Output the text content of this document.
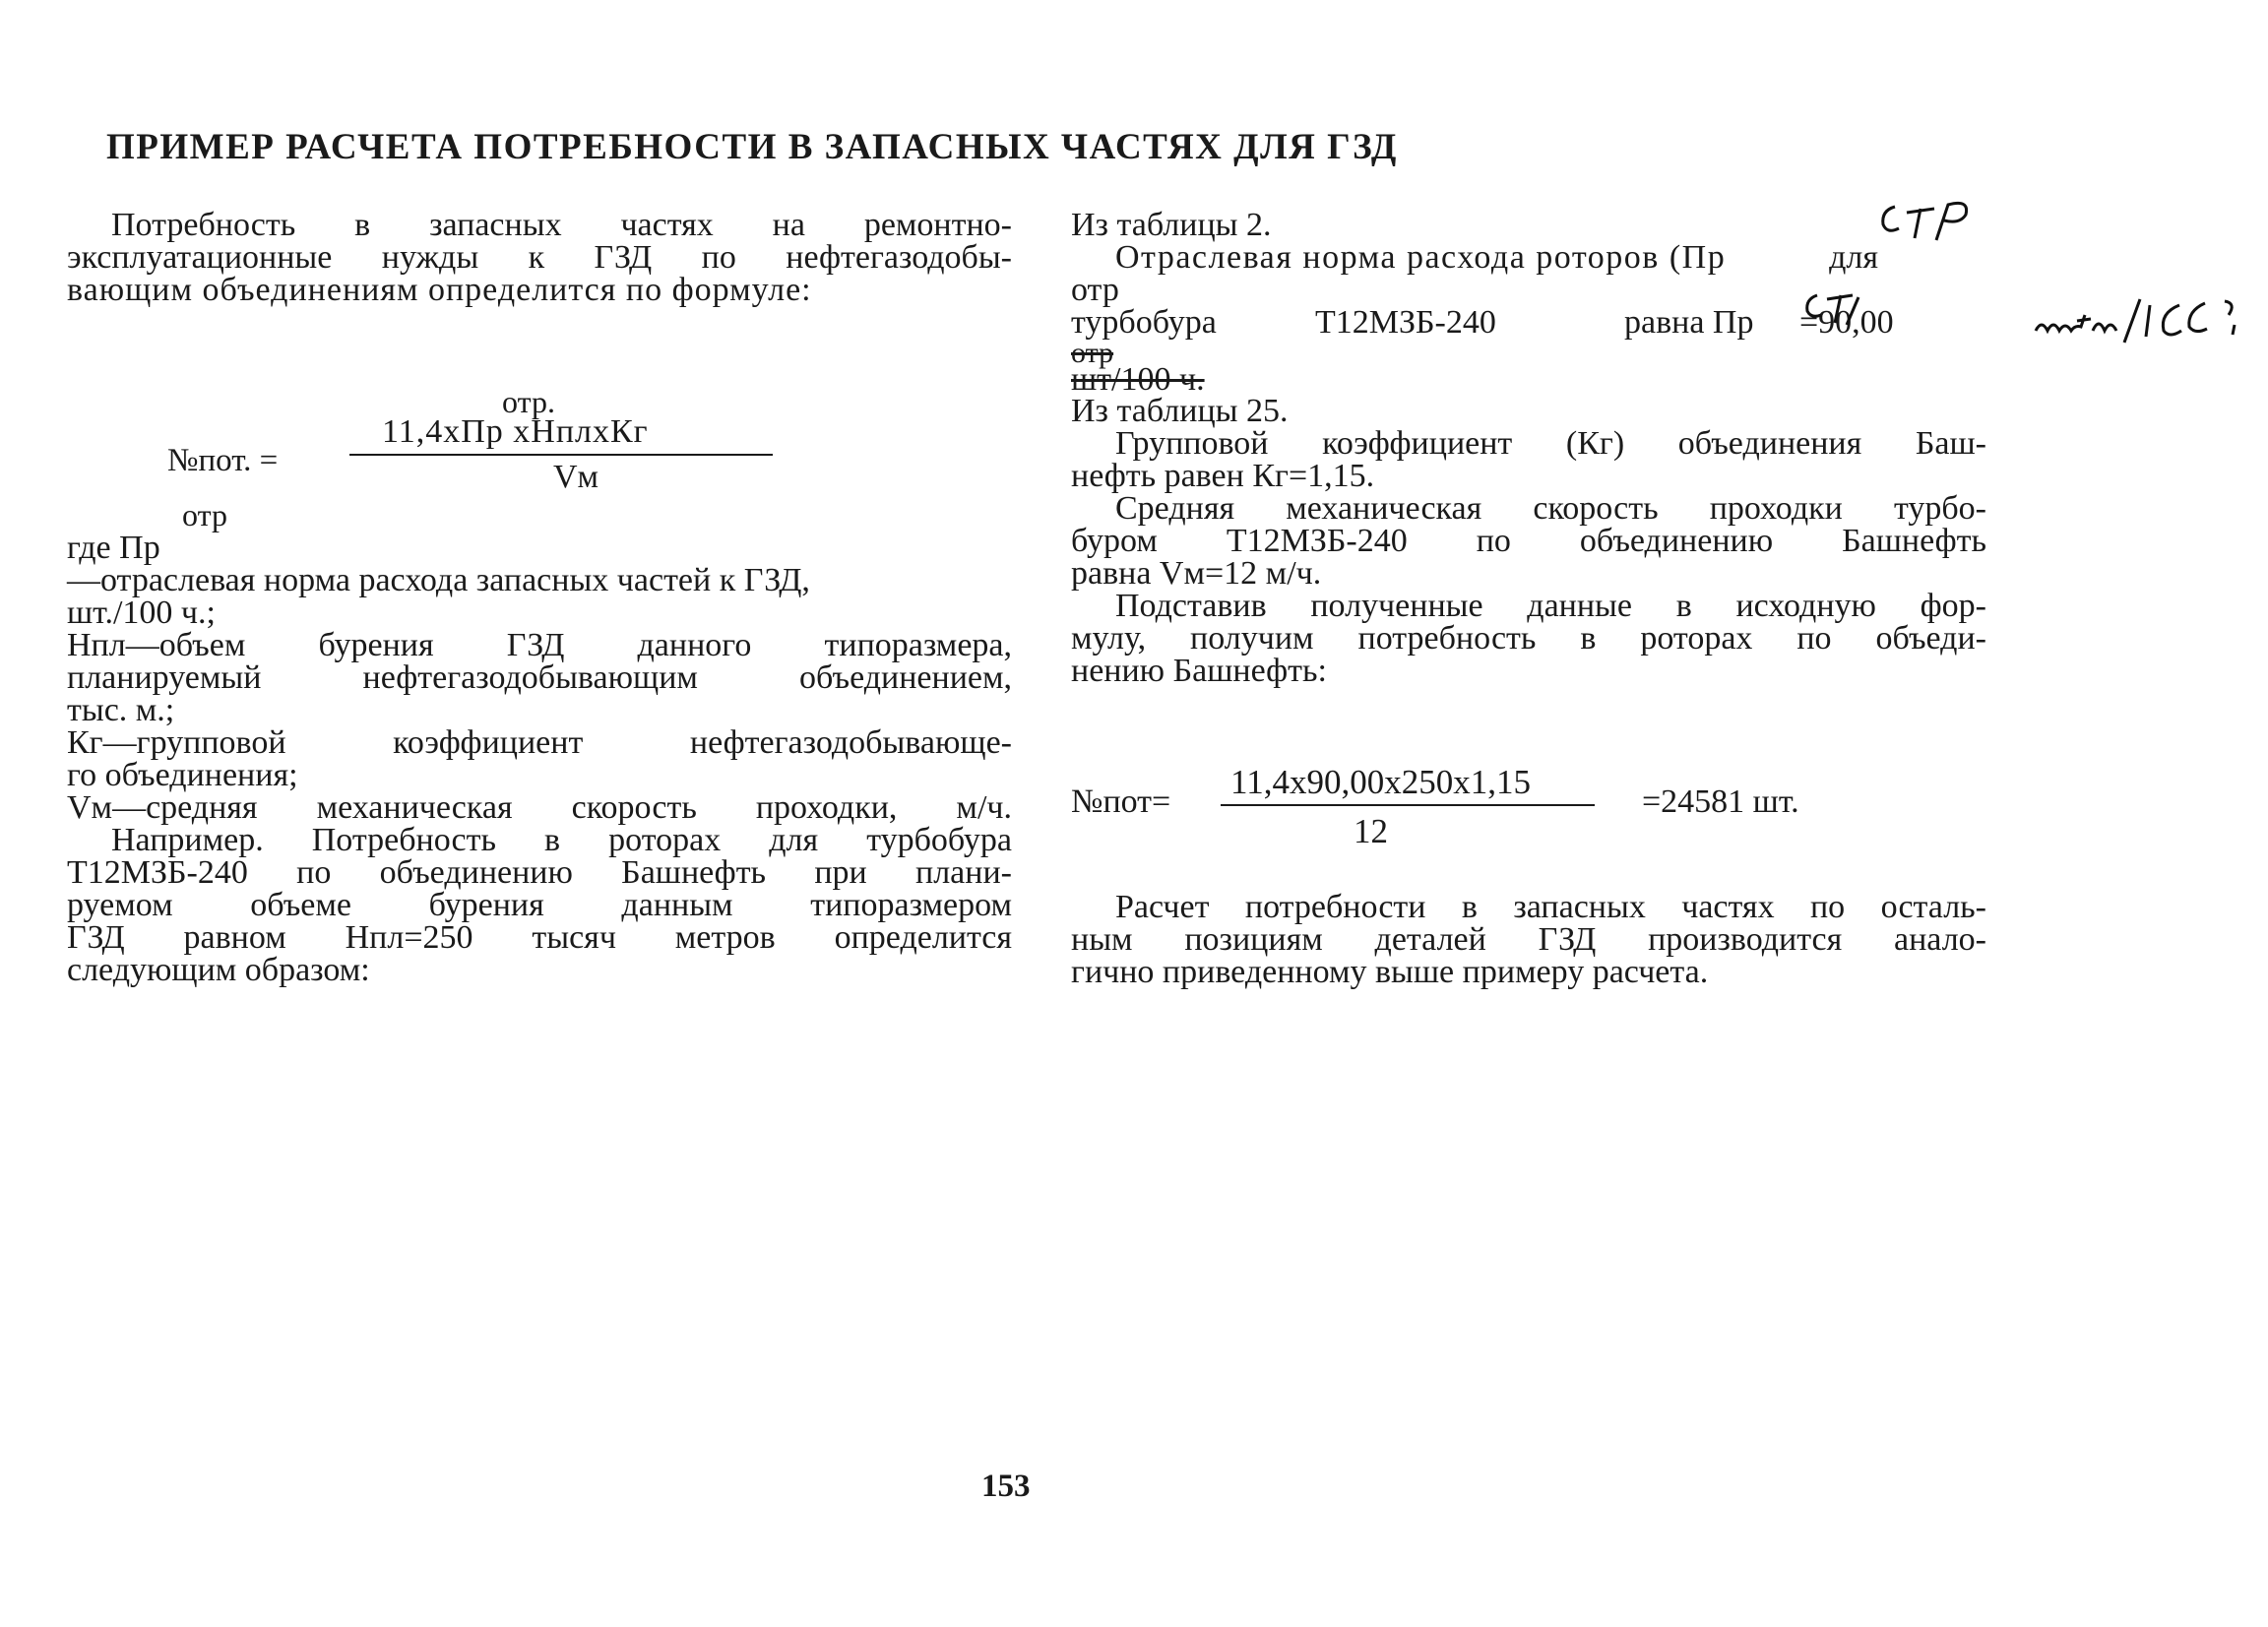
ПРИМЕР РАСЧЕТА ПОТРЕБНОСТИ В ЗАПАСНЫХ ЧАСТЯХ ДЛЯ ГЗД

Потребность в запасных частях на ремонтно-

эксплуатационные нужды к ГЗД по нефтегазодобы-

вающим объединениям определится по формуле:

отр.
11,4хПр хНплхКг
№пот. =	Vм
отр

где Пр

—отраслевая норма расхода запасных частей к ГЗД,

шт./100 ч.;

Нпл—объем бурения ГЗД данного типоразмера,

планируемый нефтегазодобывающим объединением,

тыс. м.;

Кг—групповой коэффициент нефтегазодобывающе-

го объединения;

Vм—средняя механическая скорость проходки, м/ч.

Например. Потребность в роторах для турбобура

Т12МЗБ-240 по объединению Башнефть при плани-

руемом объеме бурения данным типоразмером

ГЗД равном Нпл=250 тысяч метров определится

следующим образом:

Из таблицы 2.

Отраслевая норма расхода роторов (Пр	для

отр

турбобура	Т12МЗБ-240	равна Пр =90,00

отр

шт/100 ч.

Из таблицы 25.

Групповой коэффициент (Кг) объединения Баш-

нефть равен Кг=1,15.

Средняя механическая скорость проходки турбо-

буром Т12МЗБ-240 по объединению Башнефть

равна Vм=12 м/ч.

Подставив полученные данные в исходную фор-

мулу, получим потребность в роторах по объеди-

нению Башнефть:

№пот=
11,4х90,00х250х1,15
12
=24581 шт.

Расчет потребности в запасных частях по осталь-

ным позициям деталей ГЗД производится анало-

гично приведенному выше примеру расчета.

153
